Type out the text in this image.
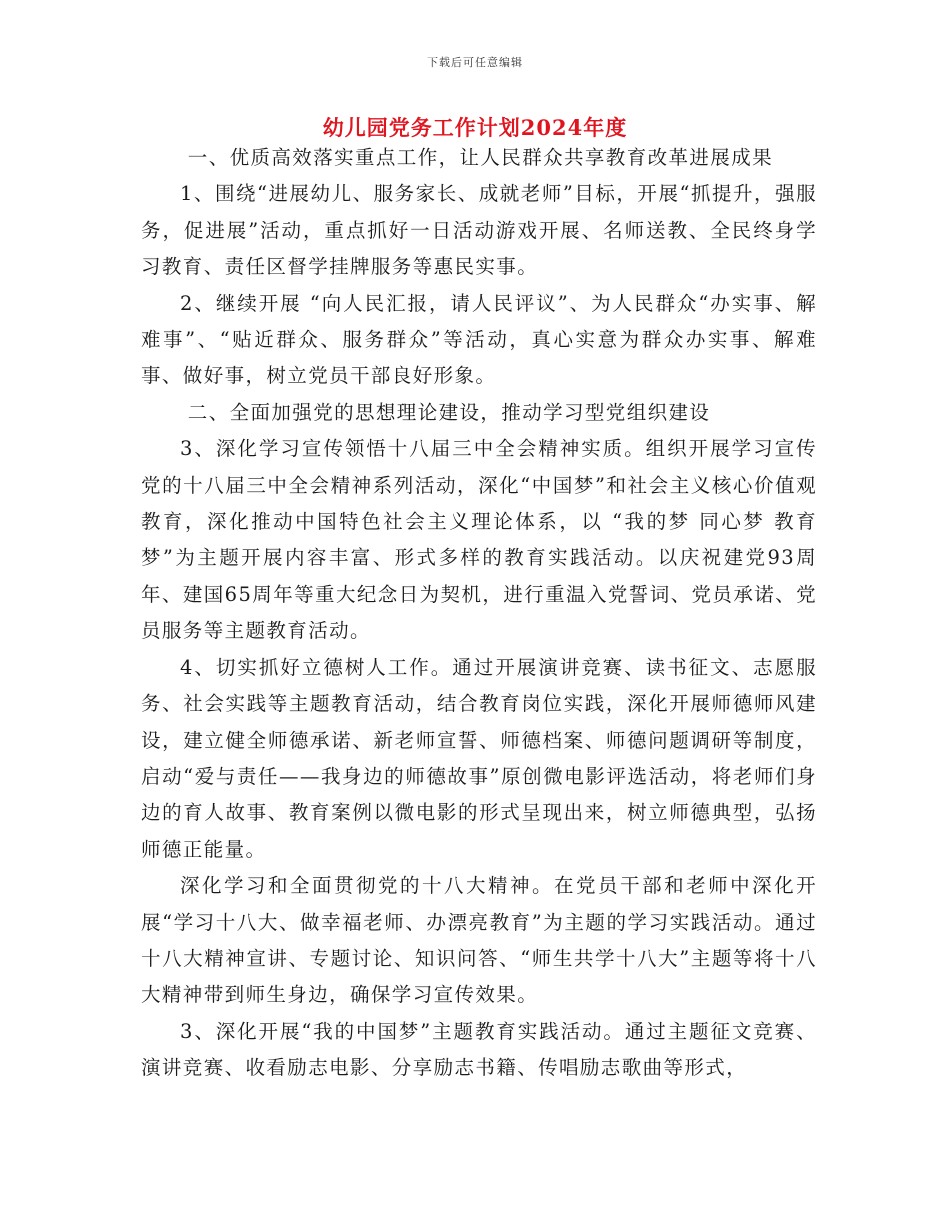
下载后可任意编辑
幼儿园党务工作计划2024年度

一、优质高效落实重点工作，让人民群众共享教育改革进展成果

1、围绕“进展幼儿、服务家长、成就老师”目标，开展“抓提升，强服务，促进展”活动，重点抓好一日活动游戏开展、名师送教、全民终身学习教育、责任区督学挂牌服务等惠民实事。

2、继续开展 “向人民汇报，请人民评议”、为人民群众“办实事、解难事”、“贴近群众、服务群众”等活动，真心实意为群众办实事、解难事、做好事，树立党员干部良好形象。

二、全面加强党的思想理论建设，推动学习型党组织建设

3、深化学习宣传领悟十八届三中全会精神实质。组织开展学习宣传党的十八届三中全会精神系列活动，深化“中国梦”和社会主义核心价值观教育，深化推动中国特色社会主义理论体系，以 “我的梦 同心梦 教育梦”为主题开展内容丰富、形式多样的教育实践活动。以庆祝建党93周年、建国65周年等重大纪念日为契机，进行重温入党誓词、党员承诺、党员服务等主题教育活动。

4、切实抓好立德树人工作。通过开展演讲竞赛、读书征文、志愿服务、社会实践等主题教育活动，结合教育岗位实践，深化开展师德师风建设，建立健全师德承诺、新老师宣誓、师德档案、师德问题调研等制度，启动“爱与责任——我身边的师德故事”原创微电影评选活动，将老师们身边的育人故事、教育案例以微电影的形式呈现出来，树立师德典型，弘扬师德正能量。

深化学习和全面贯彻党的十八大精神。在党员干部和老师中深化开展“学习十八大、做幸福老师、办漂亮教育”为主题的学习实践活动。通过十八大精神宣讲、专题讨论、知识问答、“师生共学十八大”主题等将十八大精神带到师生身边，确保学习宣传效果。

3、深化开展“我的中国梦”主题教育实践活动。通过主题征文竞赛、演讲竞赛、收看励志电影、分享励志书籍、传唱励志歌曲等形式，
